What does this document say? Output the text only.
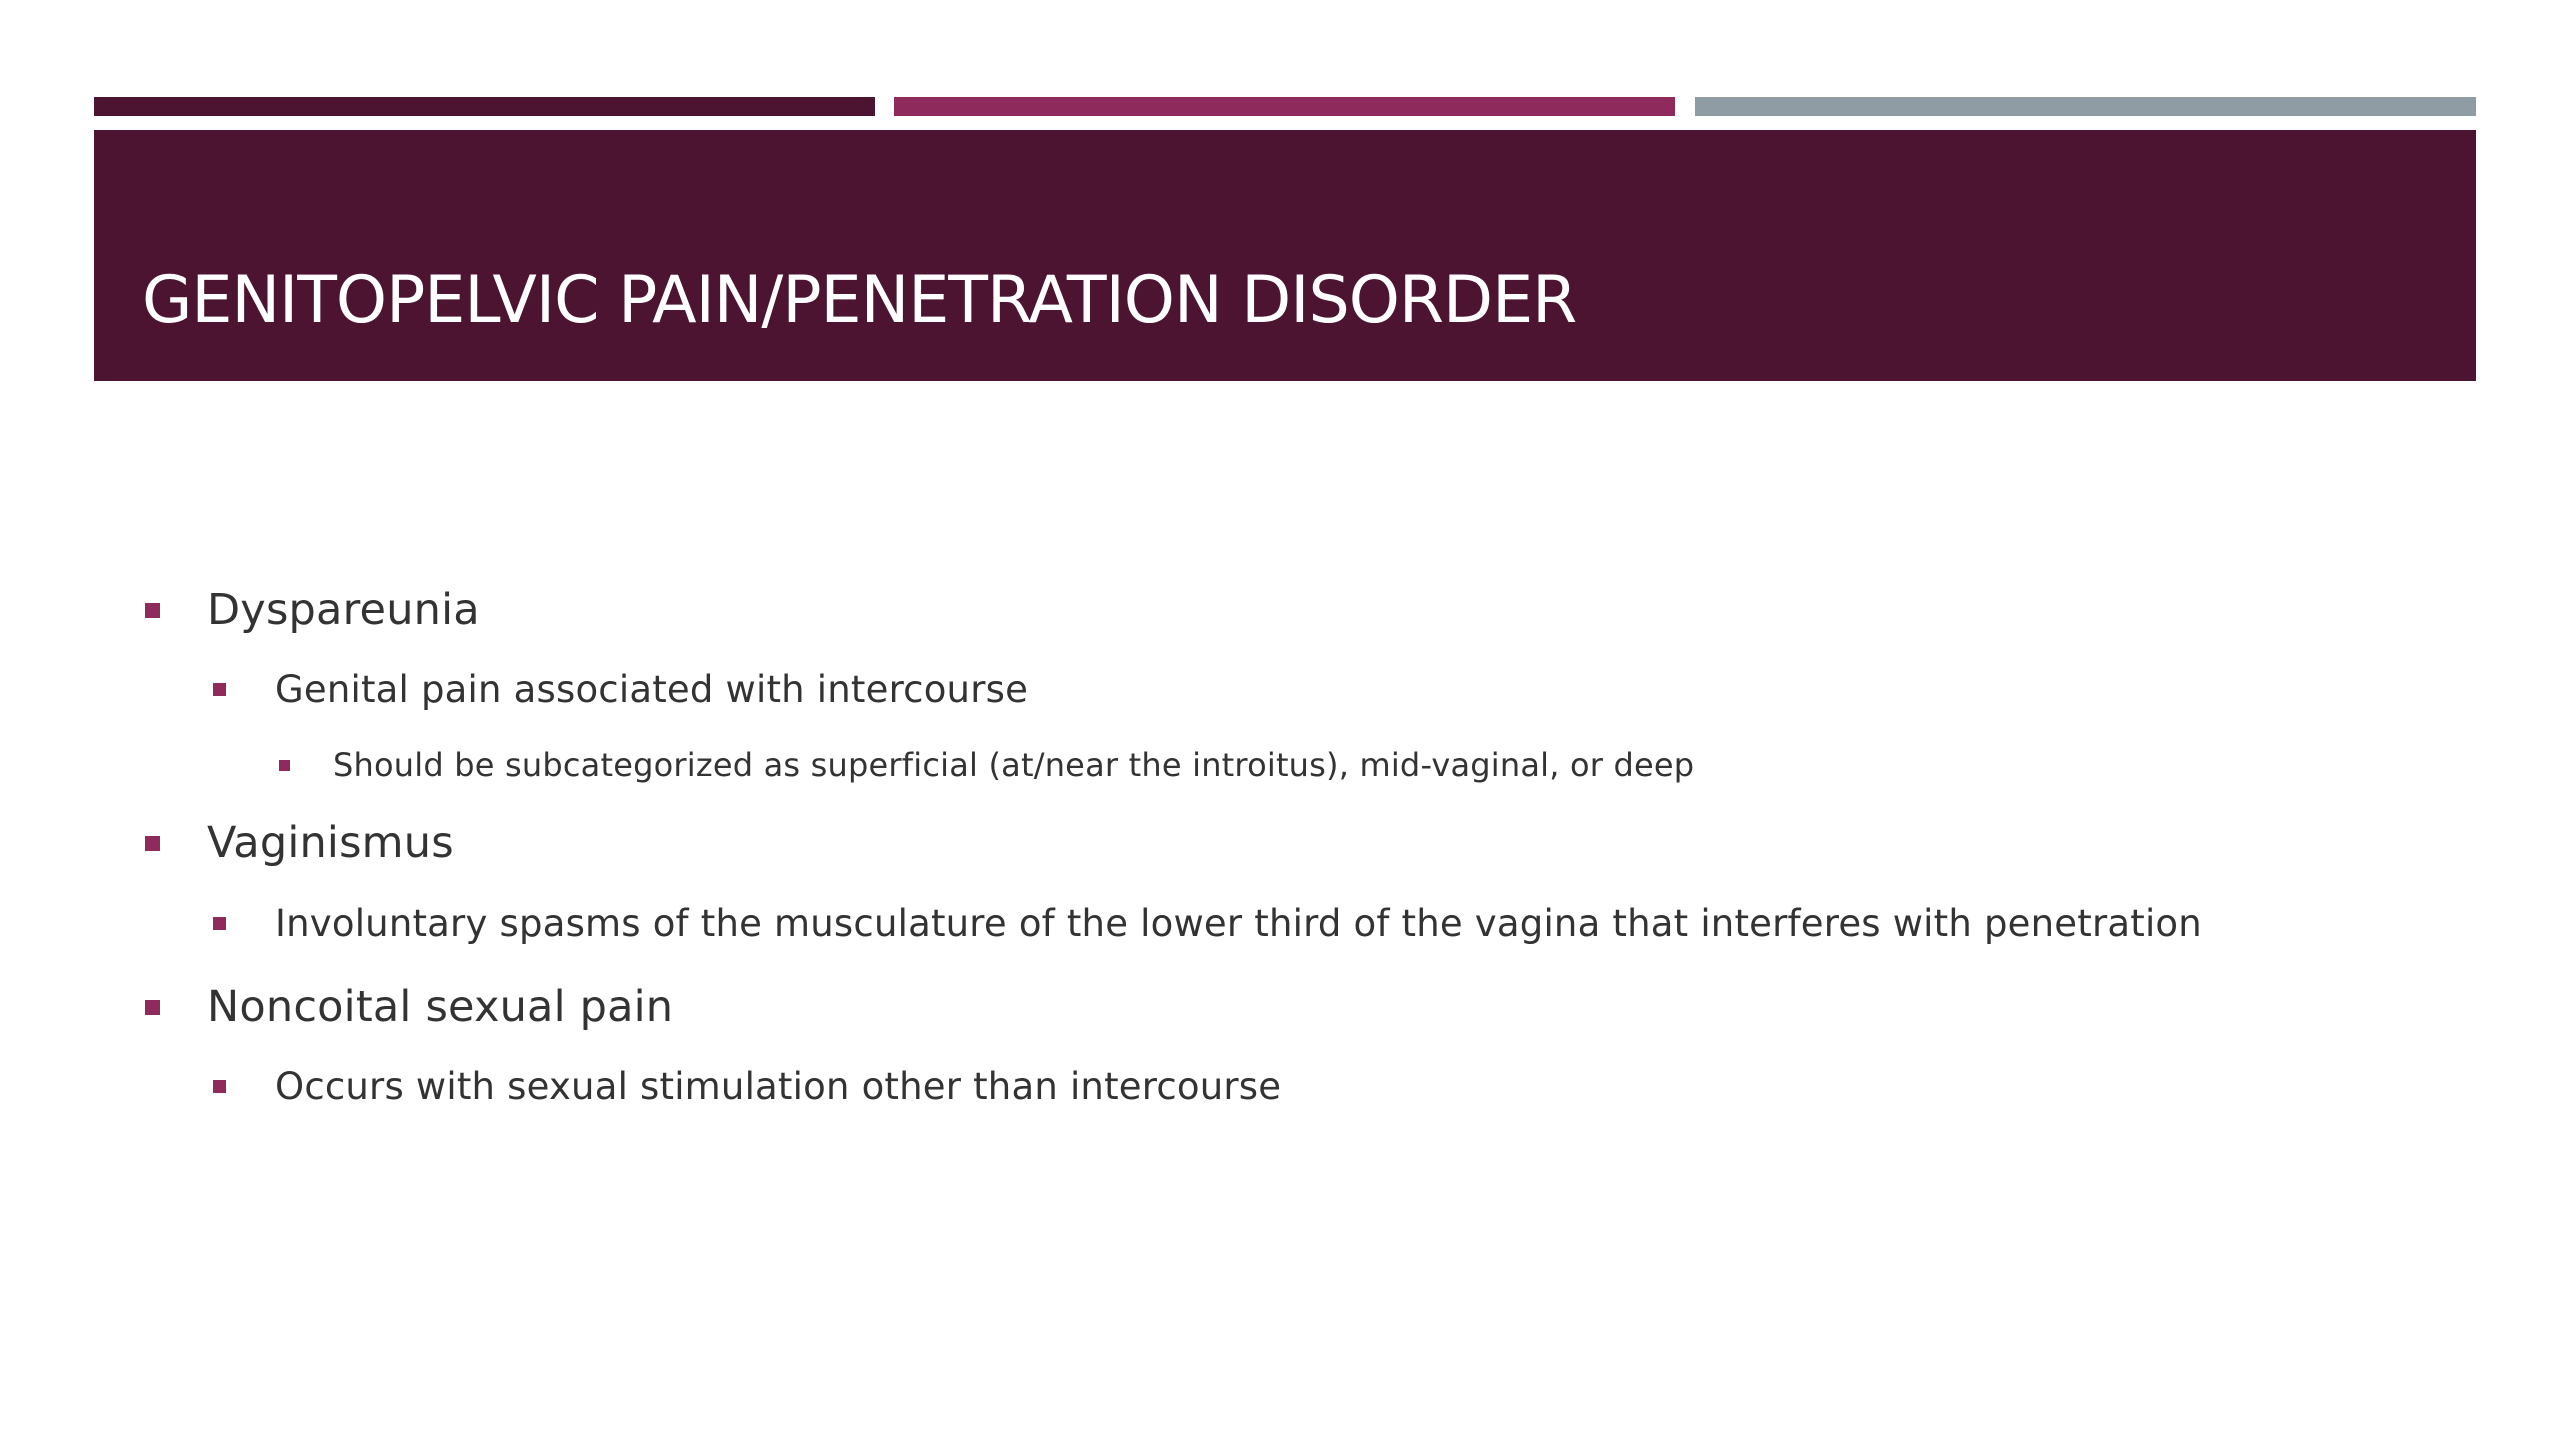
GENITOPELVIC PAIN/PENETRATION DISORDER
Dyspareunia
Genital pain associated with intercourse
Should be subcategorized as superficial (at/near the introitus), mid-vaginal, or deep
Vaginismus
Involuntary spasms of the musculature of the lower third of the vagina that interferes with penetration
Noncoital sexual pain
Occurs with sexual stimulation other than intercourse
